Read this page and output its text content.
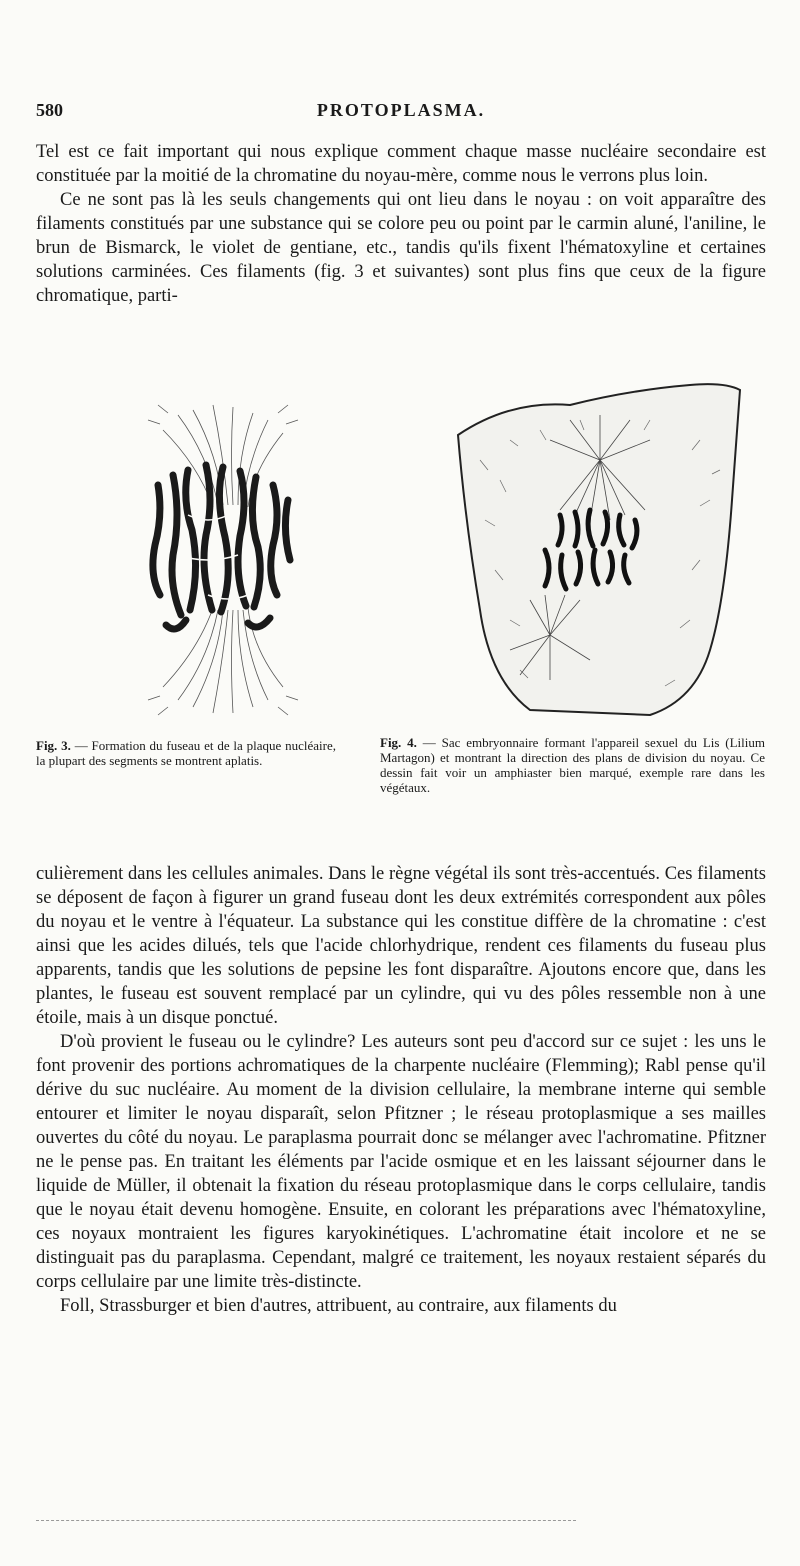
580	PROTOPLASMA.

Tel est ce fait important qui nous explique comment chaque masse nucléaire secondaire est constituée par la moitié de la chromatine du noyau-mère, comme nous le verrons plus loin.

Ce ne sont pas là les seuls changements qui ont lieu dans le noyau : on voit apparaître des filaments constitués par une substance qui se colore peu ou point par le carmin aluné, l'aniline, le brun de Bismarck, le violet de gentiane, etc., tandis qu'ils fixent l'hématoxyline et certaines solutions carminées. Ces filaments (fig. 3 et suivantes) sont plus fins que ceux de la figure chromatique, parti-

Fig. 3. — Formation du fuseau et de la plaque nucléaire, la plupart des segments se montrent aplatis.
Fig. 4. — Sac embryonnaire formant l'appareil sexuel du Lis (Lilium Martagon) et montrant la direction des plans de division du noyau. Ce dessin fait voir un amphiaster bien marqué, exemple rare dans les végétaux.

culièrement dans les cellules animales. Dans le règne végétal ils sont très-accentués. Ces filaments se déposent de façon à figurer un grand fuseau dont les deux extrémités correspondent aux pôles du noyau et le ventre à l'équateur. La substance qui les constitue diffère de la chromatine : c'est ainsi que les acides dilués, tels que l'acide chlorhydrique, rendent ces filaments du fuseau plus apparents, tandis que les solutions de pepsine les font disparaître. Ajoutons encore que, dans les plantes, le fuseau est souvent remplacé par un cylindre, qui vu des pôles ressemble non à une étoile, mais à un disque ponctué.

D'où provient le fuseau ou le cylindre? Les auteurs sont peu d'accord sur ce sujet : les uns le font provenir des portions achromatiques de la charpente nucléaire (Flemming); Rabl pense qu'il dérive du suc nucléaire. Au moment de la division cellulaire, la membrane interne qui semble entourer et limiter le noyau disparaît, selon Pfitzner ; le réseau protoplasmique a ses mailles ouvertes du côté du noyau. Le paraplasma pourrait donc se mélanger avec l'achromatine. Pfitzner ne le pense pas. En traitant les éléments par l'acide osmique et en les laissant séjourner dans le liquide de Müller, il obtenait la fixation du réseau protoplasmique dans le corps cellulaire, tandis que le noyau était devenu homogène. Ensuite, en colorant les préparations avec l'hématoxyline, ces noyaux montraient les figures karyokinétiques. L'achromatine était incolore et ne se distinguait pas du paraplasma. Cependant, malgré ce traitement, les noyaux restaient séparés du corps cellulaire par une limite très-distincte.

Foll, Strassburger et bien d'autres, attribuent, au contraire, aux filaments du
